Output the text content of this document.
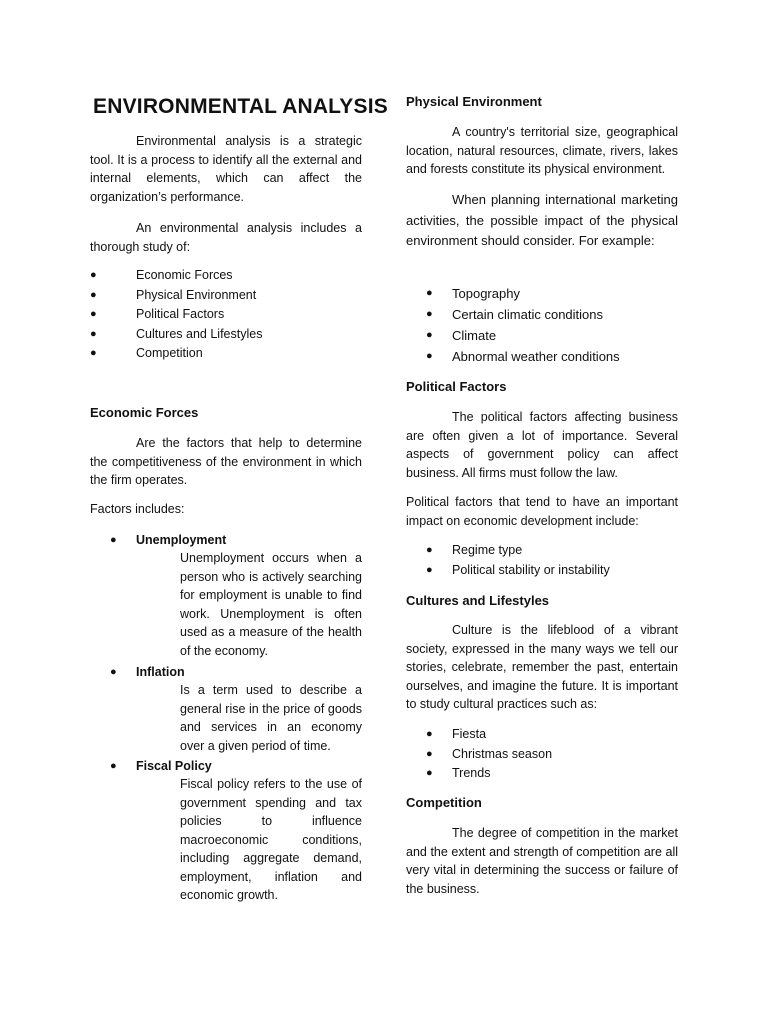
ENVIRONMENTAL ANALYSIS

Environmental analysis is a strategic tool. It is a process to identify all the external and internal elements, which can affect the organization’s performance.

An environmental analysis includes a thorough study of:

●	Economic Forces
●	Physical Environment
●	Political Factors
●	Cultures and Lifestyles
●	Competition
Economic Forces

Are the factors that help to determine the competitiveness of the environment in which the firm operates.

Factors includes:

● Unemployment

Unemployment occurs when a person who is actively searching for employment is unable to find work. Unemployment is often used as a measure of the health of the economy.

● Inflation

Is a term used to describe a general rise in the price of goods and services in an economy over a given period of time.

● Fiscal Policy

Fiscal policy refers to the use of government spending and tax policies to influence macroeconomic conditions, including aggregate demand, employment, inflation and economic growth.

Physical Environment

A country's territorial size, geographical location, natural resources, climate, rivers, lakes and forests constitute its physical environment.

When planning international marketing activities, the possible impact of the physical environment should consider. For example:

● Topography
● Certain climatic conditions
● Climate
● Abnormal weather conditions
Political Factors

The political factors affecting business are often given a lot of importance. Several aspects of government policy can affect business. All firms must follow the law.

Political factors that tend to have an important impact on economic development include:

● Regime type
● Political stability or instability
Cultures and Lifestyles

Culture is the lifeblood of a vibrant society, expressed in the many ways we tell our stories, celebrate, remember the past, entertain ourselves, and imagine the future. It is important to study cultural practices such as:

● Fiesta
● Christmas season
● Trends
Competition

The degree of competition in the market and the extent and strength of competition are all very vital in determining the success or failure of the business.
